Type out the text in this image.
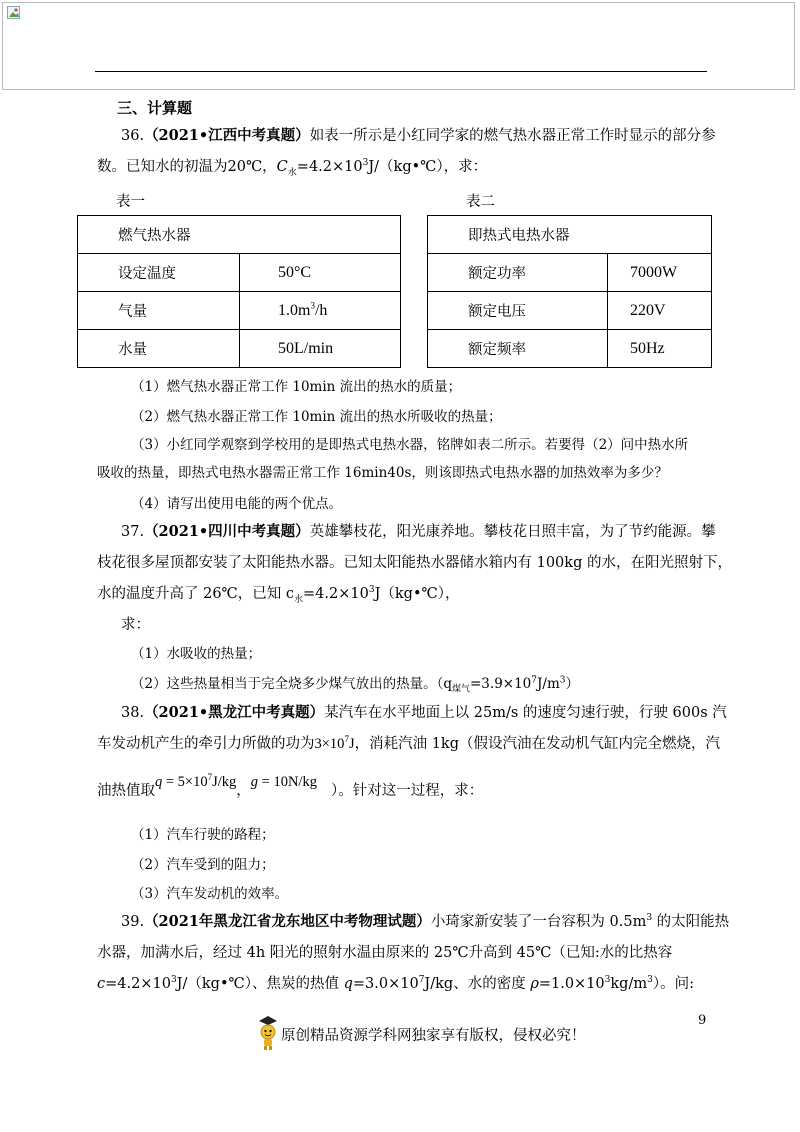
三、计算题
36.（2021•江西中考真题）如表一所示是小红同学家的燃气热水器正常工作时显示的部分参
数。已知水的初温为20℃，$C_水=4.2\times 10^3J/(kg•℃)$，求：
表一	表二
燃气热水器	
设定温度	50°C
气量	$1.0m^3/h$
水量	50L/min
即热式电热水器	
额定功率	7000W
额定电压	220V
额定频率	50Hz
（1）燃气热水器正常工作 10min 流出的热水的质量；
（2）燃气热水器正常工作 10min 流出的热水所吸收的热量；
（3）小红同学观察到学校用的是即热式电热水器，铭牌如表二所示。若要得（2）问中热水所
吸收的热量，即热式电热水器需正常工作 16min40s，则该即热式电热水器的加热效率为多少？
（4）请写出使用电能的两个优点。
37.（2021•四川中考真题）英雄攀枝花，阳光康养地。攀枝花日照丰富，为了节约能源。攀
枝花很多屋顶都安装了太阳能热水器。已知太阳能热水器储水箱内有 100kg 的水，在阳光照射下，
水的温度升高了 26℃，已知 $c_水=4.2\times 10^3J(kg•℃)$，
求：
（1）水吸收的热量；
（2）这些热量相当于完全烧多少煤气放出的热量。$(q_{煤气}=3.9\times 10^7J/m^3)$
38.（2021•黑龙江中考真题）某汽车在水平地面上以 25m/s 的速度匀速行驶，行驶 600s 汽
车发动机产生的牵引力所做的功为$3\times 10^7J$，消耗汽油 1kg（假设汽油在发动机气缸内完全燃烧，汽
油热值取$q = 5\times 10^7J/kg$，g = 10N/kg）。针对这一过程，求：
（1）汽车行驶的路程；
（2）汽车受到的阻力；
（3）汽车发动机的效率。
39.（2021年黑龙江省龙东地区中考物理试题）小琦家新安装了一台容积为 $0.5m^3$ 的太阳能热
水器，加满水后，经过 4h 阳光的照射水温由原来的 25℃升高到 45℃（已知:水的比热容
$c=4.2\times 10^3J/(kg•℃)$、焦炭的热值 $q=3.0\times 10^7J/kg$、水的密度 $\rho=1.0\times 10^3kg/m^3$）。问:
9
原创精品资源学科网独家享有版权，侵权必究！
